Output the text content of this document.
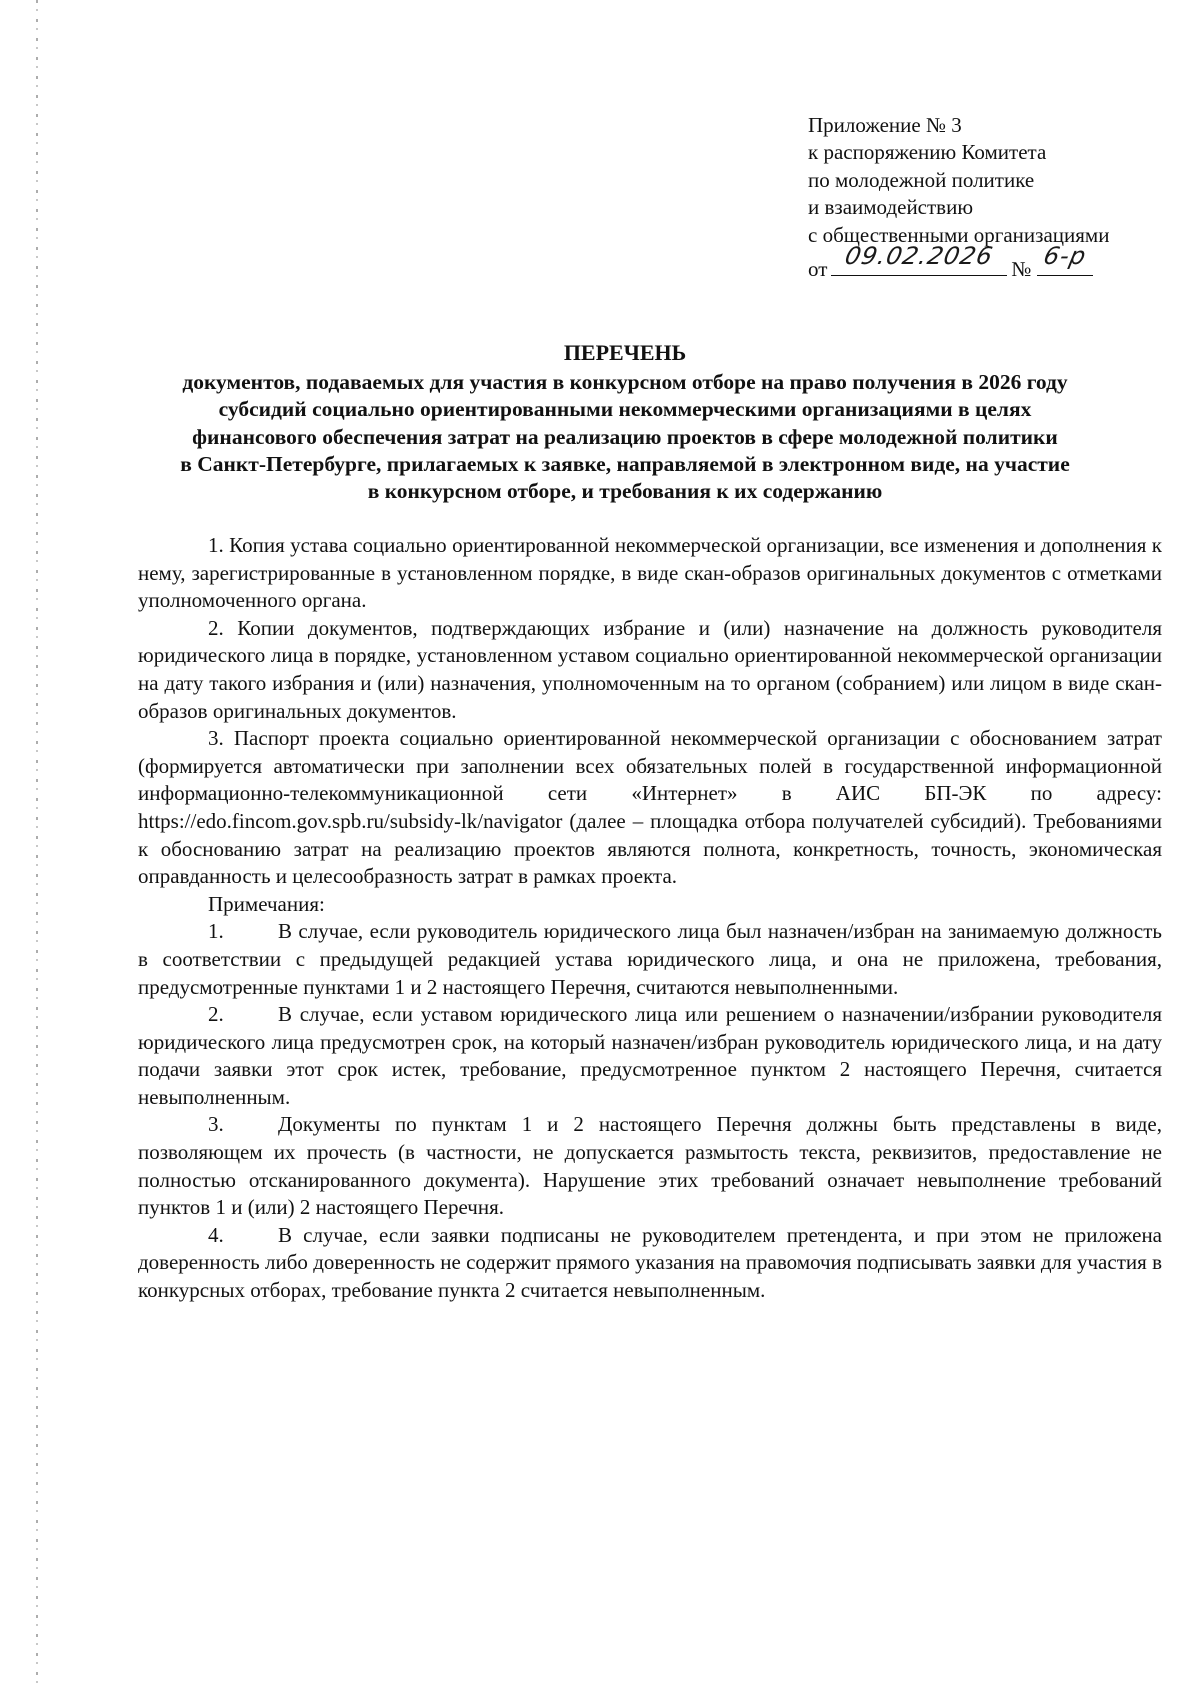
Приложение № 3
к распоряжению Комитета
по молодежной политике
и взаимодействию
с общественными организациями
от 09.02.2026 № 6-р
ПЕРЕЧЕНЬ
документов, подаваемых для участия в конкурсном отборе на право получения в 2026 году
субсидий социально ориентированными некоммерческими организациями в целях
финансового обеспечения затрат на реализацию проектов в сфере молодежной политики
в Санкт-Петербурге, прилагаемых к заявке, направляемой в электронном виде, на участие
в конкурсном отборе, и требования к их содержанию

1. Копия устава социально ориентированной некоммерческой организации, все изменения и дополнения к нему, зарегистрированные в установленном порядке, в виде скан-образов оригинальных документов с отметками уполномоченного органа.

2. Копии документов, подтверждающих избрание и (или) назначение на должность руководителя юридического лица в порядке, установленном уставом социально ориентированной некоммерческой организации на дату такого избрания и (или) назначения, уполномоченным на то органом (собранием) или лицом в виде скан-образов оригинальных документов.

3. Паспорт проекта социально ориентированной некоммерческой организации с обоснованием затрат (формируется автоматически при заполнении всех обязательных полей в государственной информационной информационно-телекоммуникационной сети «Интернет» в АИС БП-ЭК по адресу: https://edo.fincom.gov.spb.ru/subsidy-lk/navigator (далее – площадка отбора получателей субсидий). Требованиями к обоснованию затрат на реализацию проектов являются полнота, конкретность, точность, экономическая оправданность и целесообразность затрат в рамках проекта.

Примечания:

1.	В случае, если руководитель юридического лица был назначен/избран на занимаемую должность в соответствии с предыдущей редакцией устава юридического лица, и она не приложена, требования, предусмотренные пунктами 1 и 2 настоящего Перечня, считаются невыполненными.

2.	В случае, если уставом юридического лица или решением о назначении/избрании руководителя юридического лица предусмотрен срок, на который назначен/избран руководитель юридического лица, и на дату подачи заявки этот срок истек, требование, предусмотренное пунктом 2 настоящего Перечня, считается невыполненным.

3.	Документы по пунктам 1 и 2 настоящего Перечня должны быть представлены в виде, позволяющем их прочесть (в частности, не допускается размытость текста, реквизитов, предоставление не полностью отсканированного документа). Нарушение этих требований означает невыполнение требований пунктов 1 и (или) 2 настоящего Перечня.

4.	В случае, если заявки подписаны не руководителем претендента, и при этом не приложена доверенность либо доверенность не содержит прямого указания на правомочия подписывать заявки для участия в конкурсных отборах, требование пункта 2 считается невыполненным.
